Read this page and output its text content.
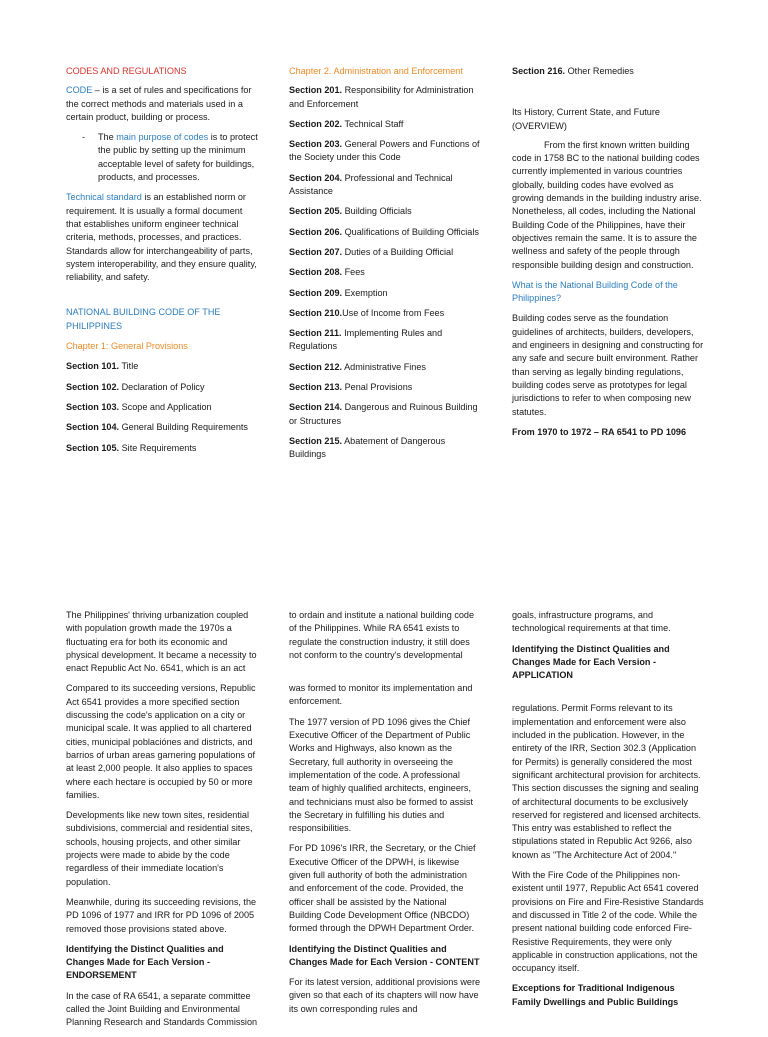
CODES AND REGULATIONS

CODE – is a set of rules and specifications for the correct methods and materials used in a certain product, building or process.

-	The main purpose of codes is to protect the public by setting up the minimum acceptable level of safety for buildings, products, and processes.

Technical standard is an established norm or requirement. It is usually a formal document that establishes uniform engineer technical criteria, methods, processes, and practices. Standards allow for interchangeability of parts, system interoperability, and they ensure quality, reliability, and safety.

NATIONAL BUILDING CODE OF THE PHILIPPINES

Chapter 1: General Provisions

Section 101. Title

Section 102. Declaration of Policy

Section 103. Scope and Application

Section 104. General Building Requirements

Section 105. Site Requirements

Chapter 2. Administration and Enforcement

Section 201. Responsibility for Administration and Enforcement

Section 202. Technical Staff

Section 203. General Powers and Functions of the Society under this Code

Section 204. Professional and Technical Assistance

Section 205. Building Officials

Section 206. Qualifications of Building Officials

Section 207. Duties of a Building Official

Section 208. Fees

Section 209. Exemption

Section 210.Use of Income from Fees

Section 211. Implementing Rules and Regulations

Section 212. Administrative Fines

Section 213. Penal Provisions

Section 214. Dangerous and Ruinous Building or Structures

Section 215. Abatement of Dangerous Buildings

Section 216. Other Remedies

Its History, Current State, and Future (OVERVIEW)

From the first known written building code in 1758 BC to the national building codes currently implemented in various countries globally, building codes have evolved as growing demands in the building industry arise. Nonetheless, all codes, including the National Building Code of the Philippines, have their objectives remain the same. It is to assure the wellness and safety of the people through responsible building design and construction.

What is the National Building Code of the Philippines?

Building codes serve as the foundation guidelines of architects, builders, developers, and engineers in designing and constructing for any safe and secure built environment. Rather than serving as legally binding regulations, building codes serve as prototypes for legal jurisdictions to refer to when composing new statutes.

From 1970 to 1972 – RA 6541 to PD 1096

The Philippines' thriving urbanization coupled with population growth made the 1970s a fluctuating era for both its economic and physical development. It became a necessity to enact Republic Act No. 6541, which is an act

Compared to its succeeding versions, Republic Act 6541 provides a more specified section discussing the code's application on a city or municipal scale. It was applied to all chartered cities, municipal poblaciónes and districts, and barrios of urban areas garnering populations of at least 2,000 people. It also applies to spaces where each hectare is occupied by 50 or more families.

Developments like new town sites, residential subdivisions, commercial and residential sites, schools, housing projects, and other similar projects were made to abide by the code regardless of their immediate location's population.

Meanwhile, during its succeeding revisions, the PD 1096 of 1977 and IRR for PD 1096 of 2005 removed those provisions stated above.

Identifying the Distinct Qualities and Changes Made for Each Version - ENDORSEMENT

In the case of RA 6541, a separate committee called the Joint Building and Environmental Planning Research and Standards Commission

to ordain and institute a national building code of the Philippines. While RA 6541 exists to regulate the construction industry, it still does not conform to the country's developmental

was formed to monitor its implementation and enforcement.

The 1977 version of PD 1096 gives the Chief Executive Officer of the Department of Public Works and Highways, also known as the Secretary, full authority in overseeing the implementation of the code. A professional team of highly qualified architects, engineers, and technicians must also be formed to assist the Secretary in fulfilling his duties and responsibilities.

For PD 1096's IRR, the Secretary, or the Chief Executive Officer of the DPWH, is likewise given full authority of both the administration and enforcement of the code. Provided, the officer shall be assisted by the National Building Code Development Office (NBCDO) formed through the DPWH Department Order.

Identifying the Distinct Qualities and Changes Made for Each Version - CONTENT

For its latest version, additional provisions were given so that each of its chapters will now have its own corresponding rules and

goals, infrastructure programs, and technological requirements at that time.

Identifying the Distinct Qualities and Changes Made for Each Version - APPLICATION

regulations. Permit Forms relevant to its implementation and enforcement were also included in the publication. However, in the entirety of the IRR, Section 302.3 (Application for Permits) is generally considered the most significant architectural provision for architects. This section discusses the signing and sealing of architectural documents to be exclusively reserved for registered and licensed architects. This entry was established to reflect the stipulations stated in Republic Act 9266, also known as "The Architecture Act of 2004."

With the Fire Code of the Philippines non-existent until 1977, Republic Act 6541 covered provisions on Fire and Fire-Resistive Standards and discussed in Title 2 of the code. While the present national building code enforced Fire-Resistive Requirements, they were only applicable in construction applications, not the occupancy itself.

Exceptions for Traditional Indigenous Family Dwellings and Public Buildings
